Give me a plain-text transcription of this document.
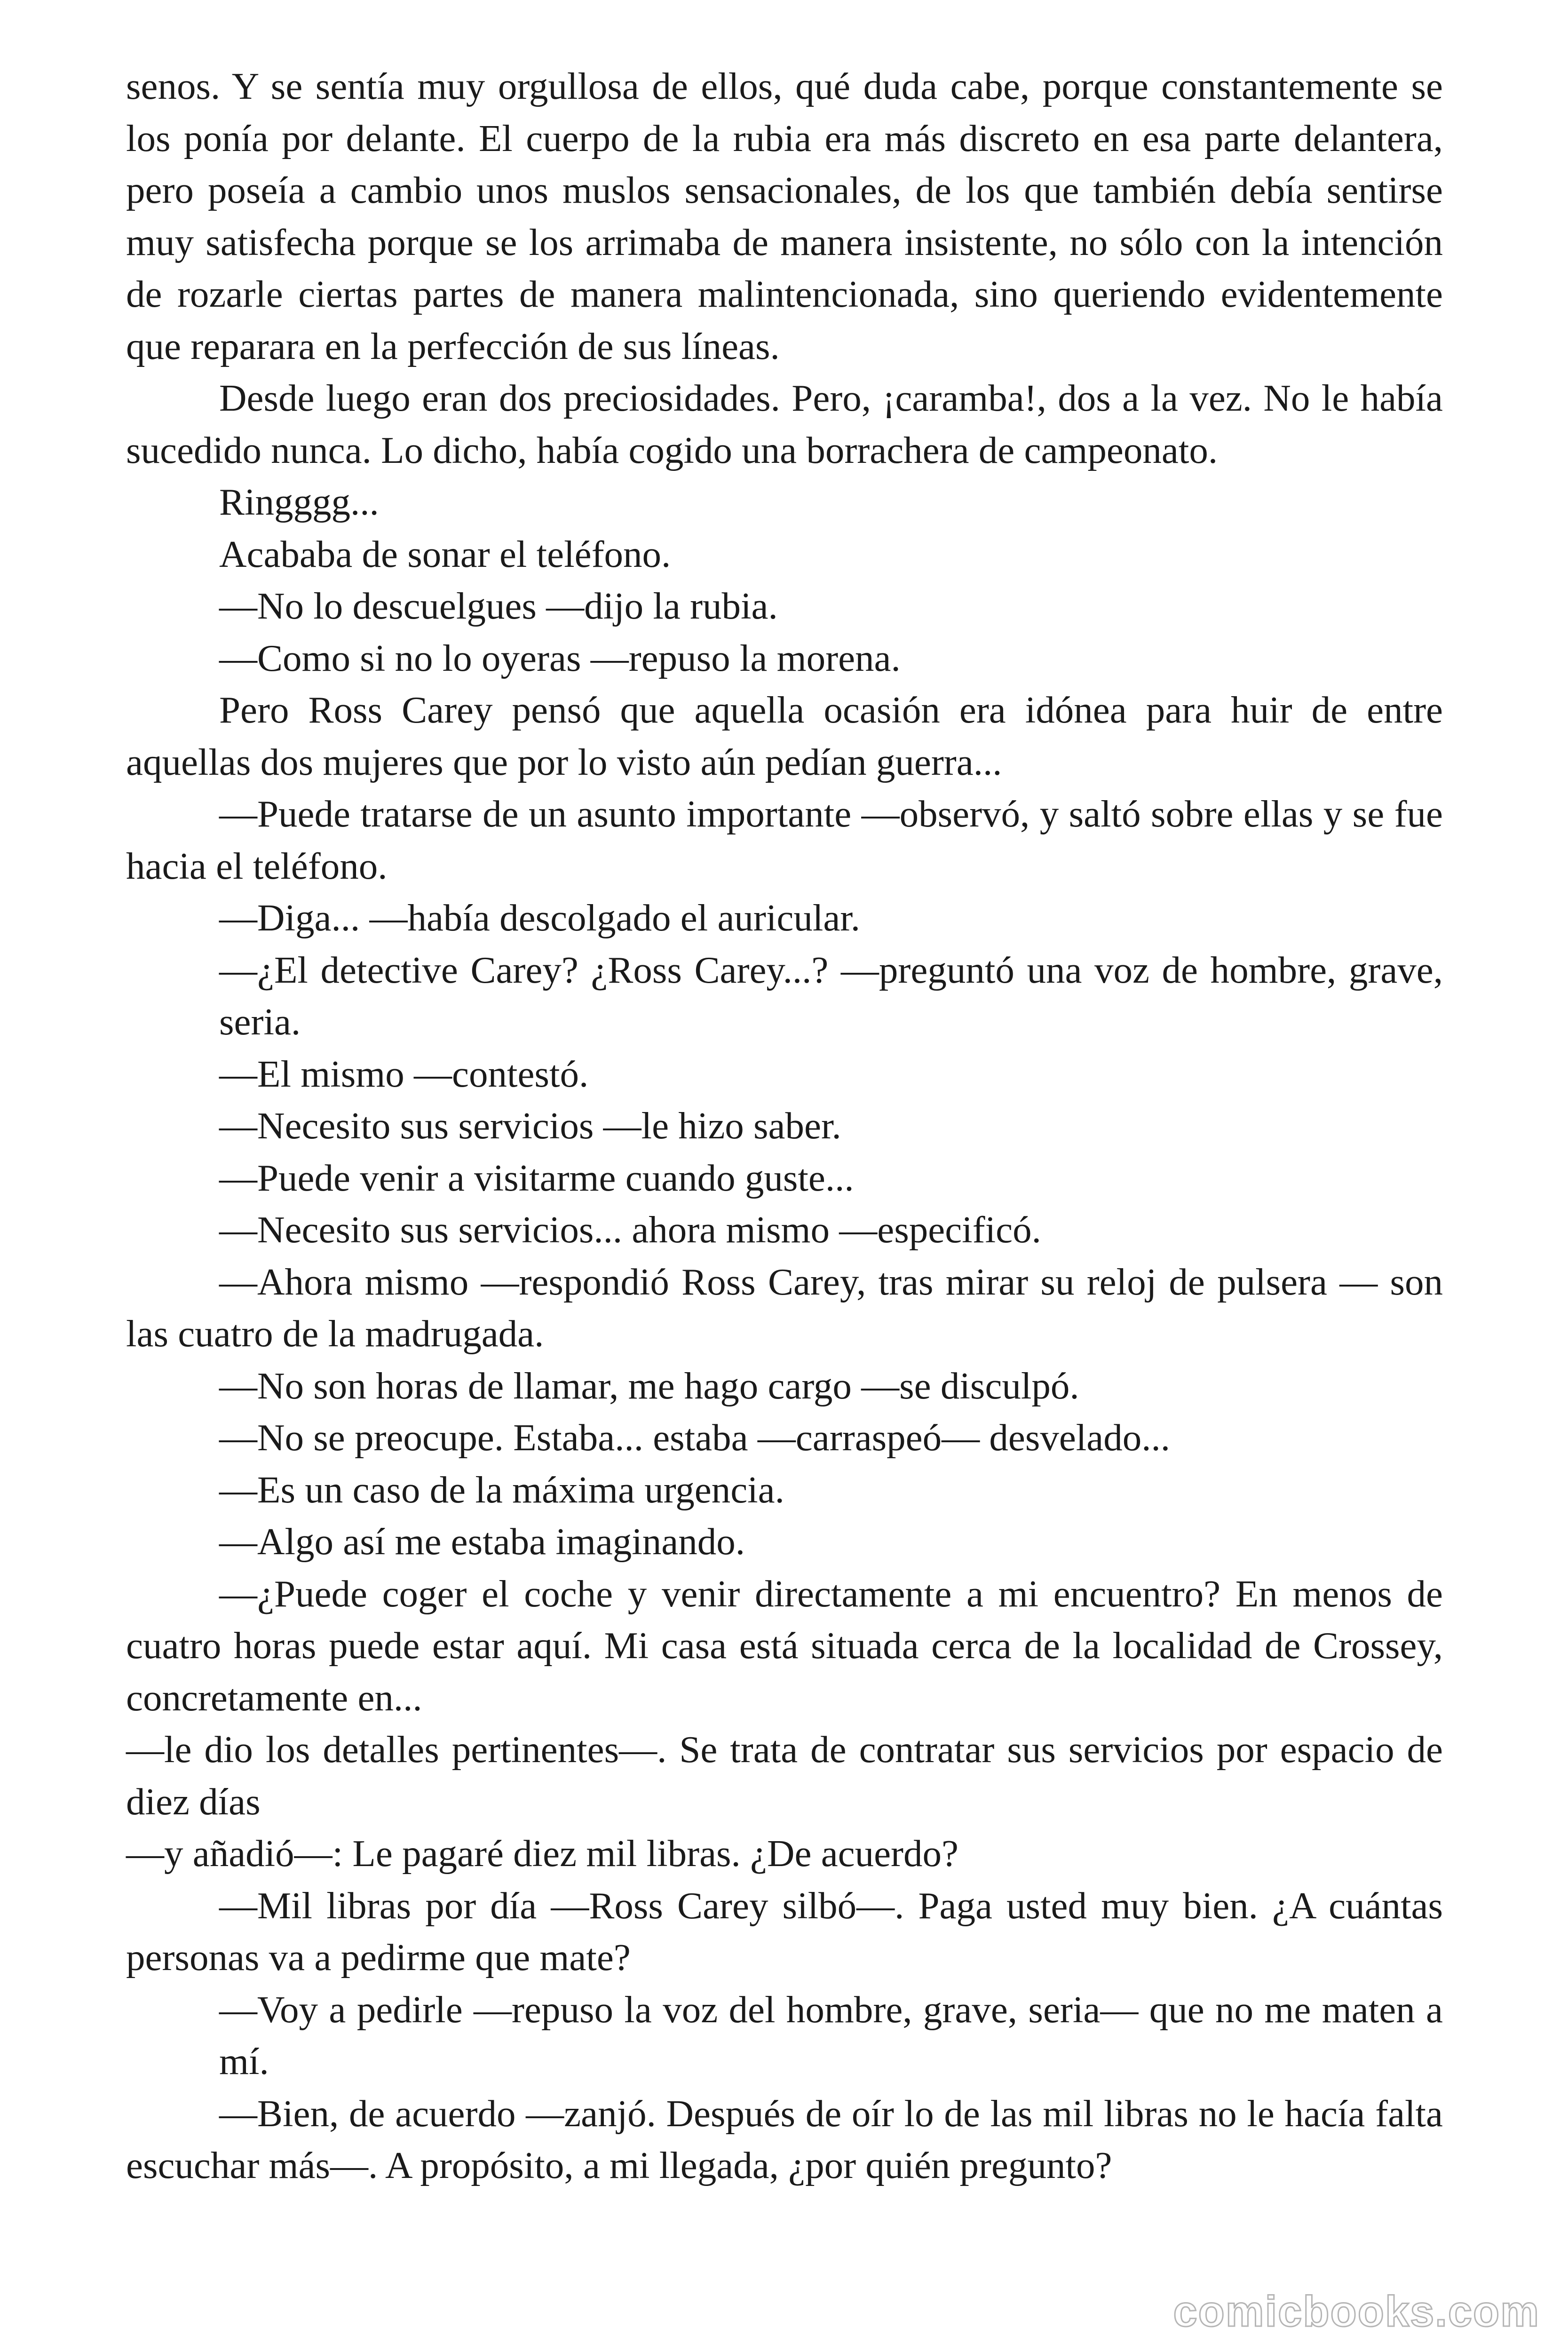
senos. Y se sentía muy orgullosa de ellos, qué duda cabe, porque constantemente se los ponía por delante. El cuerpo de la rubia era más discreto en esa parte delantera, pero poseía a cambio unos muslos sensacionales, de los que también debía sentirse muy satisfecha porque se los arrimaba de manera insistente, no sólo con la intención de rozarle ciertas partes de manera malintencionada, sino queriendo evidentemente que reparara en la perfección de sus líneas.

Desde luego eran dos preciosidades. Pero, ¡caramba!, dos a la vez. No le había sucedido nunca. Lo dicho, había cogido una borrachera de campeonato.

Ringggg...

Acababa de sonar el teléfono.

—No lo descuelgues —dijo la rubia.

—Como si no lo oyeras —repuso la morena.

Pero Ross Carey pensó que aquella ocasión era idónea para huir de entre aquellas dos mujeres que por lo visto aún pedían guerra...

—Puede tratarse de un asunto importante —observó, y saltó sobre ellas y se fue hacia el teléfono.

—Diga... —había descolgado el auricular.

—¿El detective Carey? ¿Ross Carey...? —preguntó una voz de hombre, grave, seria.

—El mismo —contestó.

—Necesito sus servicios —le hizo saber.

—Puede venir a visitarme cuando guste...

—Necesito sus servicios... ahora mismo —especificó.

—Ahora mismo —respondió Ross Carey, tras mirar su reloj de pulsera — son las cuatro de la madrugada.

—No son horas de llamar, me hago cargo —se disculpó.

—No se preocupe. Estaba... estaba —carraspeó— desvelado...

—Es un caso de la máxima urgencia.

—Algo así me estaba imaginando.

—¿Puede coger el coche y venir directamente a mi encuentro? En menos de cuatro horas puede estar aquí. Mi casa está situada cerca de la localidad de Crossey, concretamente en...

—le dio los detalles pertinentes—. Se trata de contratar sus servicios por espacio de diez días

—y añadió—: Le pagaré diez mil libras. ¿De acuerdo?

—Mil libras por día —Ross Carey silbó—. Paga usted muy bien. ¿A cuántas personas va a pedirme que mate?

—Voy a pedirle —repuso la voz del hombre, grave, seria— que no me maten a mí.

—Bien, de acuerdo —zanjó. Después de oír lo de las mil libras no le hacía falta escuchar más—. A propósito, a mi llegada, ¿por quién pregunto?

comicbooks.com
